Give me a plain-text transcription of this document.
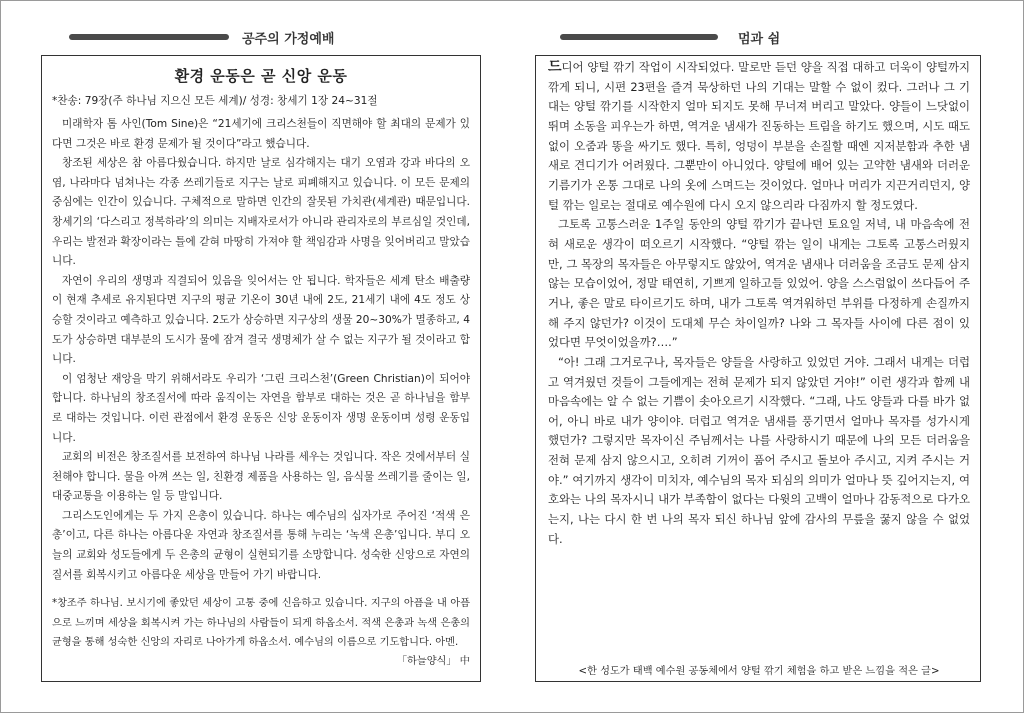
공주의 가정예배	멈과 쉼
환경 운동은 곧 신앙 운동
*찬송: 79장(주 하나님 지으신 모든 세계)/ 성경: 창세기 1장 24~31절

미래학자 톰 사인(Tom Sine)은 “21세기에 크리스천들이 직면해야 할 최대의 문제가 있다면 그것은 바로 환경 문제가 될 것이다”라고 했습니다.

창조된 세상은 참 아름다웠습니다. 하지만 날로 심각해지는 대기 오염과 강과 바다의 오염, 나라마다 넘쳐나는 각종 쓰레기들로 지구는 날로 피폐해지고 있습니다. 이 모든 문제의 중심에는 인간이 있습니다. 구체적으로 말하면 인간의 잘못된 가치관(세계관) 때문입니다. 창세기의 ‘다스리고 정복하라’의 의미는 지배자로서가 아니라 관리자로의 부르심일 것인데, 우리는 발전과 확장이라는 틀에 갇혀 마땅히 가져야 할 책임감과 사명을 잊어버리고 말았습니다.

자연이 우리의 생명과 직결되어 있음을 잊어서는 안 됩니다. 학자들은 세계 탄소 배출량이 현재 추세로 유지된다면 지구의 평균 기온이 30년 내에 2도, 21세기 내에 4도 정도 상승할 것이라고 예측하고 있습니다. 2도가 상승하면 지구상의 생물 20~30%가 멸종하고, 4도가 상승하면 대부분의 도시가 물에 잠겨 결국 생명체가 살 수 없는 지구가 될 것이라고 합니다.

이 엄청난 재앙을 막기 위해서라도 우리가 ‘그린 크리스천’(Green Christian)이 되어야 합니다. 하나님의 창조질서에 따라 움직이는 자연을 함부로 대하는 것은 곧 하나님을 함부로 대하는 것입니다. 이런 관점에서 환경 운동은 신앙 운동이자 생명 운동이며 성령 운동입니다.

교회의 비전은 창조질서를 보전하여 하나님 나라를 세우는 것입니다. 작은 것에서부터 실천해야 합니다. 물을 아껴 쓰는 일, 친환경 제품을 사용하는 일, 음식물 쓰레기를 줄이는 일, 대중교통을 이용하는 일 등 말입니다.

그리스도인에게는 두 가지 은총이 있습니다. 하나는 예수님의 십자가로 주어진 ‘적색 은총’이고, 다른 하나는 아름다운 자연과 창조질서를 통해 누리는 ‘녹색 은총’입니다. 부디 오늘의 교회와 성도들에게 두 은총의 균형이 실현되기를 소망합니다. 성숙한 신앙으로 자연의 질서를 회복시키고 아름다운 세상을 만들어 가기 바랍니다.

*창조주 하나님. 보시기에 좋았던 세상이 고통 중에 신음하고 있습니다. 지구의 아픔을 내 아픔으로 느끼며 세상을 회복시켜 가는 하나님의 사람들이 되게 하옵소서. 적색 은총과 녹색 은총의 균형을 통해 성숙한 신앙의 자리로 나아가게 하옵소서. 예수님의 이름으로 기도합니다. 아멘.
「하늘양식」 中

드디어 양털 깎기 작업이 시작되었다. 말로만 듣던 양을 직접 대하고 더욱이 양털까지 깎게 되니, 시편 23편을 즐겨 묵상하던 나의 기대는 말할 수 없이 컸다. 그러나 그 기대는 양털 깎기를 시작한지 얼마 되지도 못해 무너져 버리고 말았다. 양들이 느닷없이 뛰며 소동을 피우는가 하면, 역겨운 냄새가 진동하는 트림을 하기도 했으며, 시도 때도 없이 오줌과 똥을 싸기도 했다. 특히, 엉덩이 부분을 손질할 때엔 지저분함과 추한 냄새로 견디기가 어려웠다. 그뿐만이 아니었다. 양털에 배어 있는 고약한 냄새와 더러운 기름기가 온통 그대로 나의 옷에 스며드는 것이었다. 얼마나 머리가 지끈거리던지, 양털 깎는 일로는 절대로 예수원에 다시 오지 않으리라 다짐까지 할 정도였다.

그토록 고통스러운 1주일 동안의 양털 깎기가 끝나던 토요일 저녁, 내 마음속에 전혀 새로운 생각이 떠오르기 시작했다. “양털 깎는 일이 내게는 그토록 고통스러웠지만, 그 목장의 목자들은 아무렇지도 않았어, 역겨운 냄새나 더러움을 조금도 문제 삼지 않는 모습이었어, 정말 태연히, 기쁘게 일하고들 있었어. 양을 스스럼없이 쓰다듬어 주거나, 좋은 말로 타이르기도 하며, 내가 그토록 역겨워하던 부위를 다정하게 손질까지 해 주지 않던가? 이것이 도대체 무슨 차이일까? 나와 그 목자들 사이에 다른 점이 있었다면 무엇이었을까?….”

“아! 그래 그거로구나, 목자들은 양들을 사랑하고 있었던 거야. 그래서 내게는 더럽고 역겨웠던 것들이 그들에게는 전혀 문제가 되지 않았던 거야!” 이런 생각과 함께 내 마음속에는 알 수 없는 기쁨이 솟아오르기 시작했다. “그래, 나도 양들과 다를 바가 없어, 아니 바로 내가 양이야. 더럽고 역겨운 냄새를 풍기면서 얼마나 목자를 성가시게 했던가? 그렇지만 목자이신 주님께서는 나를 사랑하시기 때문에 나의 모든 더러움을 전혀 문제 삼지 않으시고, 오히려 기꺼이 품어 주시고 돌보아 주시고, 지켜 주시는 거야.” 여기까지 생각이 미치자, 예수님의 목자 되심의 의미가 얼마나 뜻 깊어지는지, 여호와는 나의 목자시니 내가 부족함이 없다는 다윗의 고백이 얼마나 감동적으로 다가오는지, 나는 다시 한 번 나의 목자 되신 하나님 앞에 감사의 무릎을 꿇지 않을 수 없었다.

<한 성도가 태백 예수원 공동체에서 양털 깎기 체험을 하고 받은 느낌을 적은 글>
